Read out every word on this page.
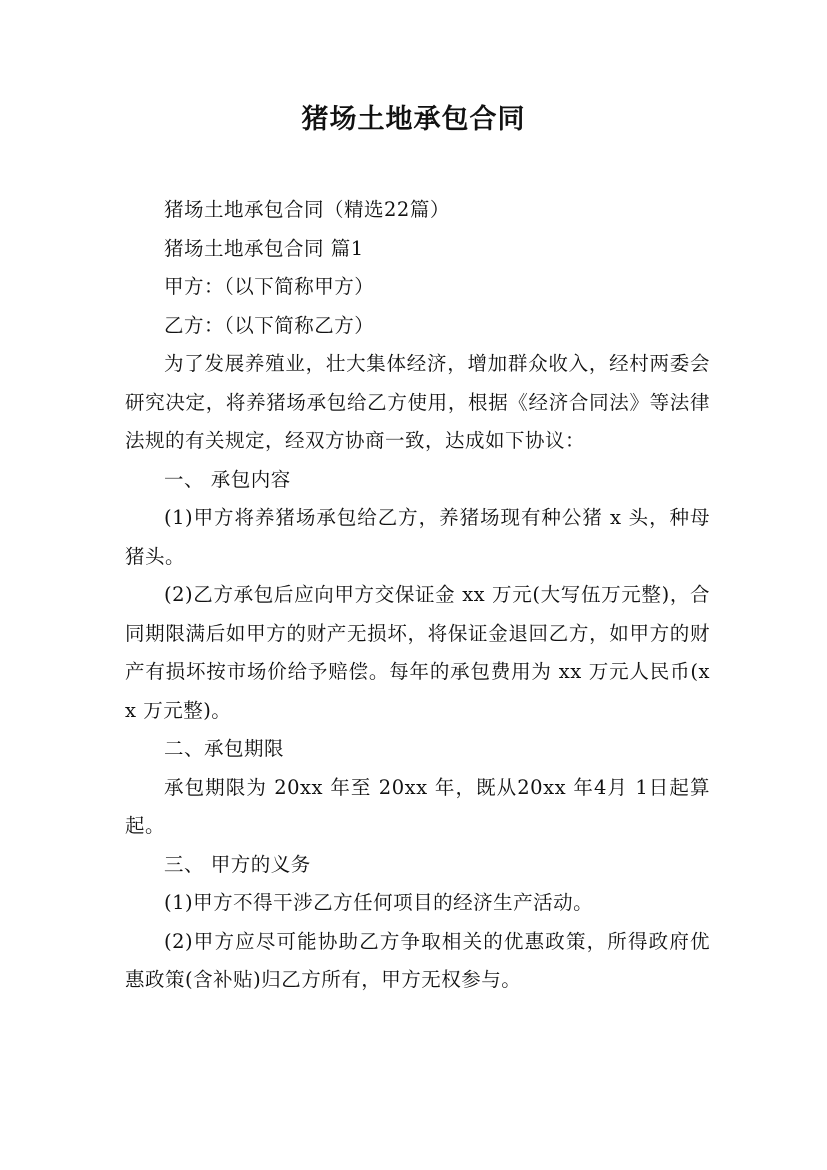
猪场土地承包合同

猪场土地承包合同（精选22篇）

猪场土地承包合同 篇1

甲方：（以下简称甲方）

乙方：（以下简称乙方）

为了发展养殖业，壮大集体经济，增加群众收入，经村两委会研究决定，将养猪场承包给乙方使用，根据《经济合同法》等法律法规的有关规定，经双方协商一致，达成如下协议：

一、 承包内容

(1)甲方将养猪场承包给乙方，养猪场现有种公猪 x 头，种母猪头。

(2)乙方承包后应向甲方交保证金 xx 万元(大写伍万元整)，合同期限满后如甲方的财产无损坏，将保证金退回乙方，如甲方的财产有损坏按市场价给予赔偿。每年的承包费用为 xx 万元人民币(xx 万元整)。

二、承包期限

承包期限为 20xx 年至 20xx 年，既从20xx 年4月 1日起算起。

三、 甲方的义务

(1)甲方不得干涉乙方任何项目的经济生产活动。

(2)甲方应尽可能协助乙方争取相关的优惠政策，所得政府优惠政策(含补贴)归乙方所有，甲方无权参与。
